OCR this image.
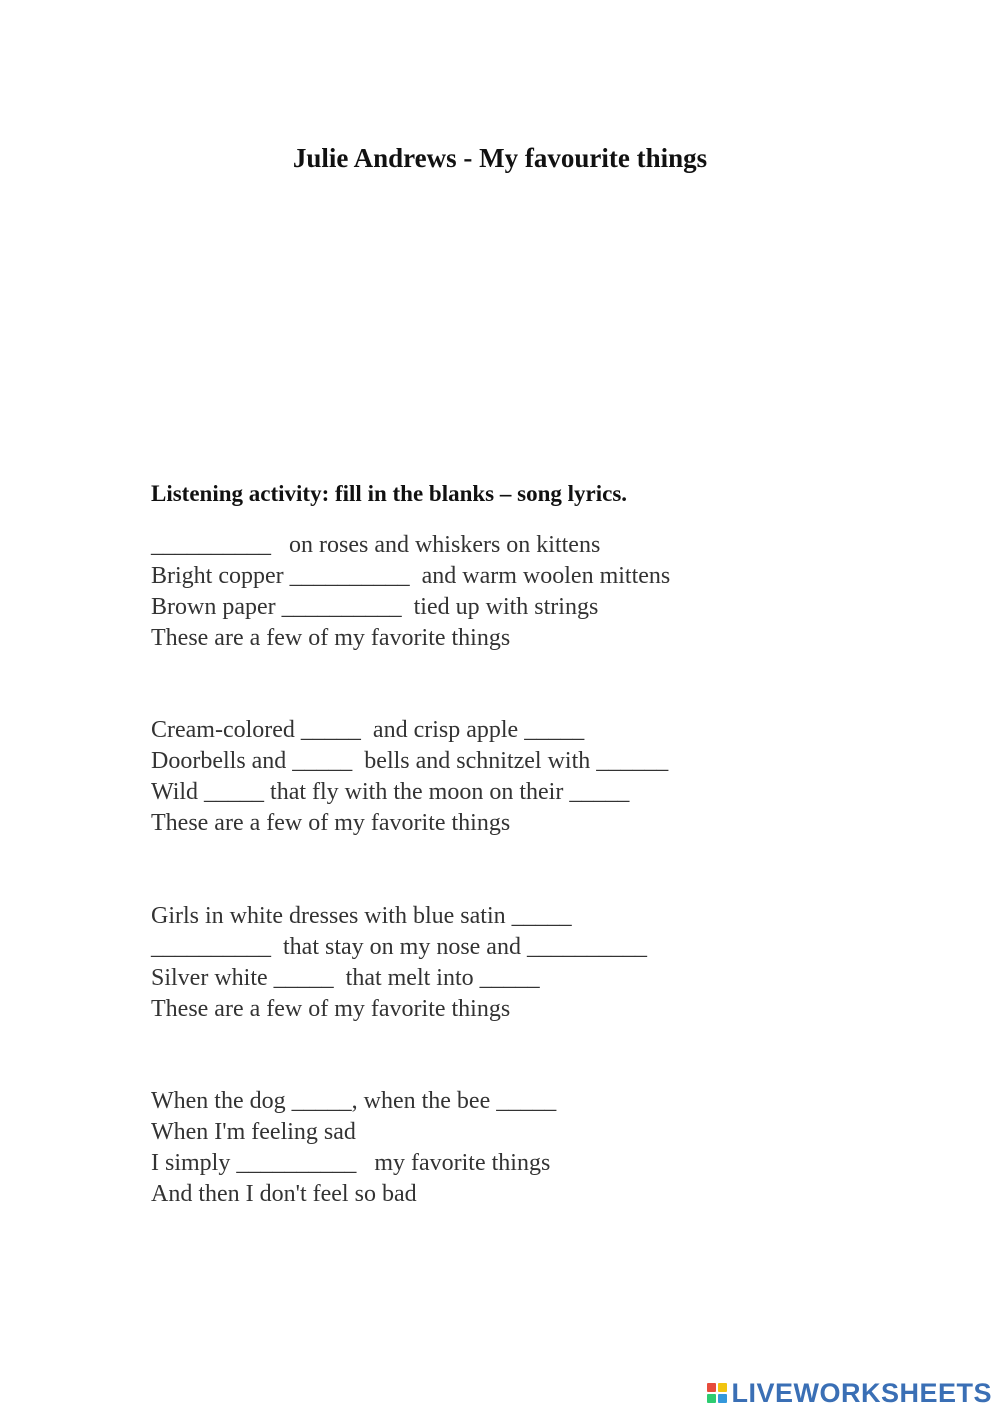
Julie Andrews - My favourite things

Listening activity: fill in the blanks – song lyrics.

__________   on roses and whiskers on kittens
Bright copper __________  and warm woolen mittens
Brown paper __________  tied up with strings
These are a few of my favorite things
Cream-colored _____  and crisp apple _____
Doorbells and _____  bells and schnitzel with ______
Wild _____ that fly with the moon on their _____
These are a few of my favorite things
Girls in white dresses with blue satin _____
__________  that stay on my nose and __________
Silver white _____  that melt into _____
These are a few of my favorite things
When the dog _____, when the bee _____
When I'm feeling sad
I simply __________   my favorite things
And then I don't feel so bad
LIVEWORKSHEETS
